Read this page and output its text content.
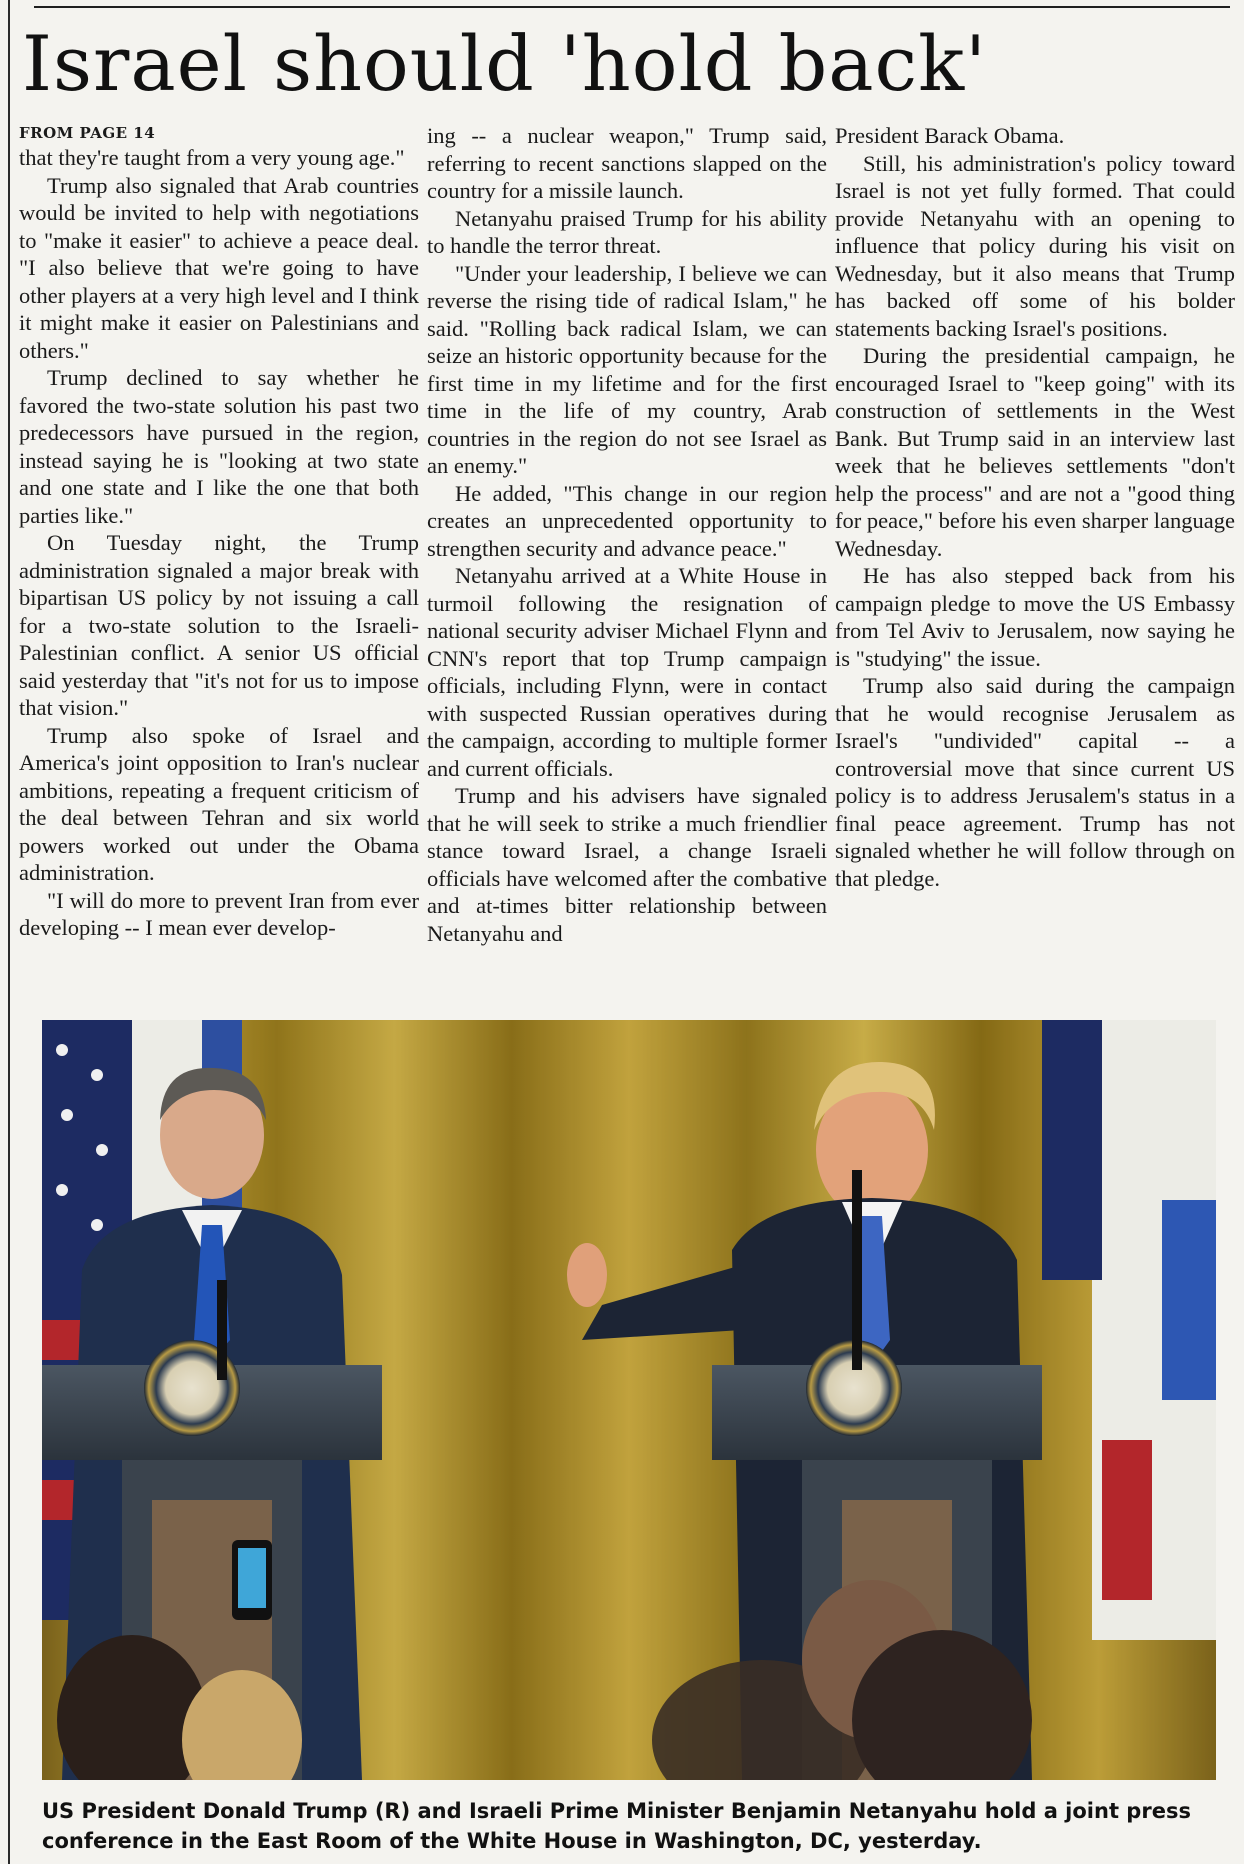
Israel should 'hold back'
FROM PAGE 14

that they're taught from a very young age."

Trump also signaled that Arab countries would be invited to help with negotiations to "make it easier" to achieve a peace deal. "I also believe that we're going to have other players at a very high level and I think it might make it easier on Palestinians and others."

Trump declined to say whether he favored the two-state solution his past two predecessors have pursued in the region, instead saying he is "looking at two state and one state and I like the one that both parties like."

On Tuesday night, the Trump administration signaled a major break with bipartisan US policy by not issuing a call for a two-state solution to the Israeli-Palestinian conflict. A senior US official said yesterday that "it's not for us to impose that vision."

Trump also spoke of Israel and America's joint opposition to Iran's nuclear ambitions, repeating a frequent criticism of the deal between Tehran and six world powers worked out under the Obama administration.

"I will do more to prevent Iran from ever developing -- I mean ever develop-

ing -- a nuclear weapon," Trump said, referring to recent sanctions slapped on the country for a missile launch.

Netanyahu praised Trump for his ability to handle the terror threat.

"Under your leadership, I believe we can reverse the rising tide of radical Islam," he said. "Rolling back radical Islam, we can seize an historic opportunity because for the first time in my lifetime and for the first time in the life of my country, Arab countries in the region do not see Israel as an enemy."

He added, "This change in our region creates an unprecedented opportunity to strengthen security and advance peace."

Netanyahu arrived at a White House in turmoil following the resignation of national security adviser Michael Flynn and CNN's report that top Trump campaign officials, including Flynn, were in contact with suspected Russian operatives during the campaign, according to multiple former and current officials.

Trump and his advisers have signaled that he will seek to strike a much friendlier stance toward Israel, a change Israeli officials have welcomed after the combative and at-times bitter relationship between Netanyahu and

President Barack Obama.

Still, his administration's policy toward Israel is not yet fully formed. That could provide Netanyahu with an opening to influence that policy during his visit on Wednesday, but it also means that Trump has backed off some of his bolder statements backing Israel's positions.

During the presidential campaign, he encouraged Israel to "keep going" with its construction of settlements in the West Bank. But Trump said in an interview last week that he believes settlements "don't help the process" and are not a "good thing for peace," before his even sharper language Wednesday.

He has also stepped back from his campaign pledge to move the US Embassy from Tel Aviv to Jerusalem, now saying he is "studying" the issue.

Trump also said during the campaign that he would recognise Jerusalem as Israel's "undivided" capital -- a controversial move that since current US policy is to address Jerusalem's status in a final peace agreement. Trump has not signaled whether he will follow through on that pledge.

US President Donald Trump (R) and Israeli Prime Minister Benjamin Netanyahu hold a joint press conference in the East Room of the White House in Washington, DC, yesterday.
